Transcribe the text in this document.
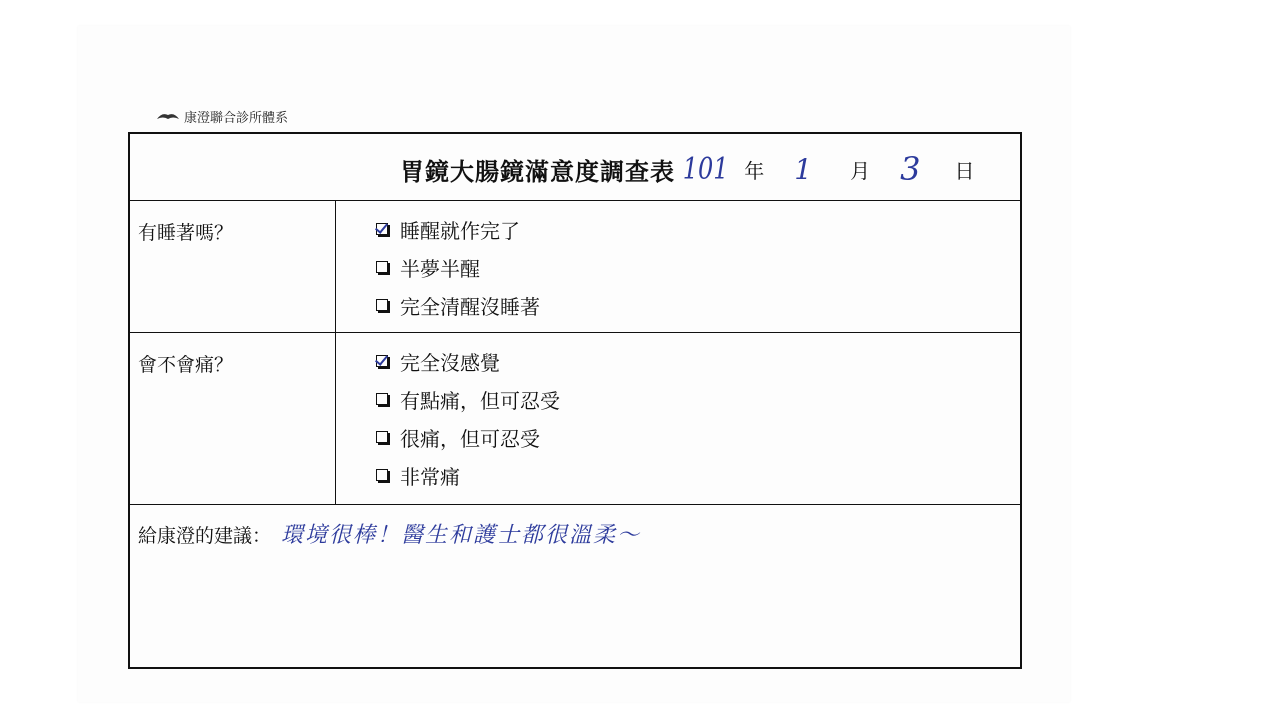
康澄聯合診所體系
胃鏡大腸鏡滿意度調查表 101 年 1 月 3 日
有睡著嗎？	睡醒就作完了
半夢半醒
完全清醒沒睡著
會不會痛？	完全沒感覺
有點痛，但可忍受
很痛，但可忍受
非常痛
給康澄的建議： 環境很棒！醫生和護士都很溫柔～
